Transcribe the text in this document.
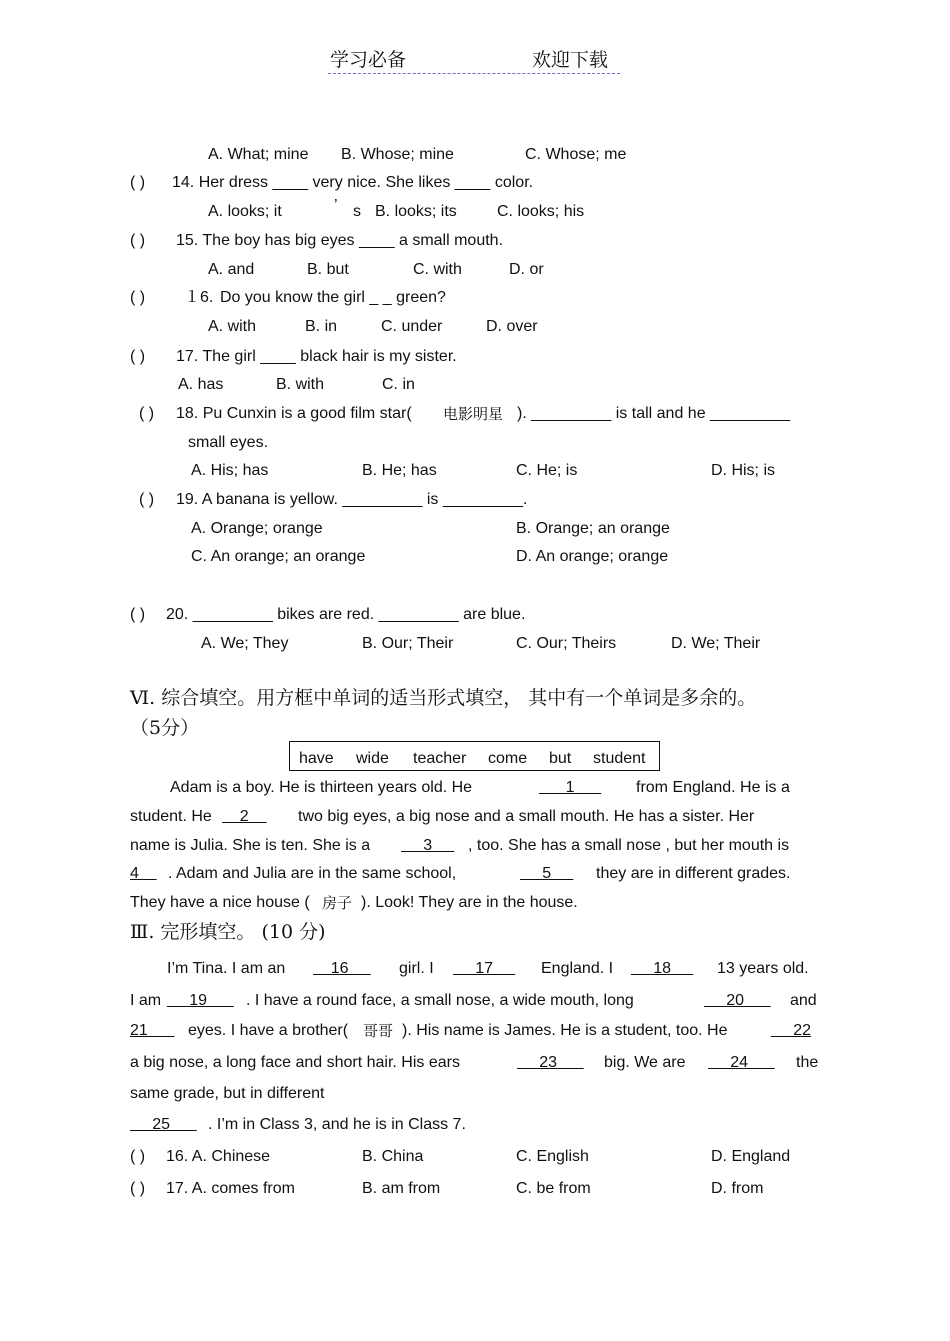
学习必备	欢迎下载
A. What; mine B. Whose; mine	C. Whose; me
( ) 14. Her dress ____ very nice. She likes ____ color.
A. looks; it	’ s B. looks; its	C. looks; his
( ) 15. The boy has big eyes ____ a small mouth.
A. and	B. but	C. with	D. or
( ) １6. Do you know the girl _ _ green?
A. with	B. in	C. under	D. over
( ) 17. The girl ____ black hair is my sister.
A. has	B. with	C. in
( ) 18. Pu Cunxin is a good film star( 电影明星 ). _________ is tall and he _________
small eyes.
A. His; has	B. He; has	C. He; is	D. His; is
( ) 19. A banana is yellow. _________ is _________.
A. Orange; orange	B. Orange; an orange
C. An orange; an orange	D. An orange; orange
( ) 20. _________ bikes are red. _________ are blue.
A. We; They	B. Our; Their	C. Our; Theirs	D. We; Their
Ⅵ. 综合填空。用方框中单词的适当形式填空， 其中有一个单词是多余的。
（5分）
have wide teacher come but student
Adam is a boy. He is thirteen years old. He	1 from England. He is a
student. He 2 two big eyes, a big nose and a small mouth. He has a sister. Her
name is Julia. She is ten. She is a 3 , too. She has a small nose , but her mouth is
4 . Adam and Julia are in the same school,	5 they are in different grades.
They have a nice house ( 房子 ). Look! They are in the house.
Ⅲ. 完形填空。 (10 分)
I’m Tina. I am an 16 girl. I 17 England. I 18 13 years old.
I am 19 . I have a round face, a small nose, a wide mouth, long	20 and
21 eyes. I have a brother( 哥哥 ). His name is James. He is a student, too. He	22
a big nose, a long face and short hair. His ears	23 big. We are 24 the
same grade, but in different
25 . I’m in Class 3, and he is in Class 7.
( ) 16. A. Chinese	B. China	C. English	D. England
( ) 17. A. comes from	B. am from	C. be from	D. from
